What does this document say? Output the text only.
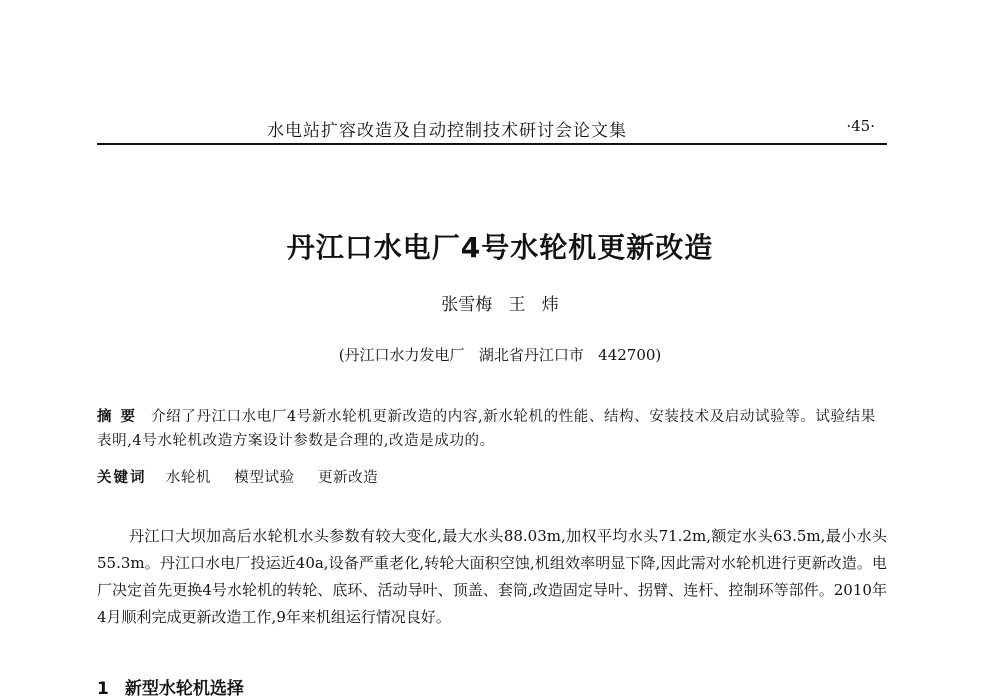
水电站扩容改造及自动控制技术研讨会论文集	·45·
丹江口水电厂4号水轮机更新改造
张雪梅   王   炜
(丹江口水力发电厂   湖北省丹江口市   442700)
摘 要 介绍了丹江口水电厂4号新水轮机更新改造的内容,新水轮机的性能、结构、安装技术及启动试验等。试验结果表明,4号水轮机改造方案设计参数是合理的,改造是成功的。
关键词 水轮机 模型试验 更新改造

丹江口大坝加高后水轮机水头参数有较大变化,最大水头88.03m,加权平均水头71.2m,额定水头63.5m,最小水头55.3m。丹江口水电厂投运近40a,设备严重老化,转轮大面积空蚀,机组效率明显下降,因此需对水轮机进行更新改造。电厂决定首先更换4号水轮机的转轮、底环、活动导叶、顶盖、套筒,改造固定导叶、拐臂、连杆、控制环等部件。2010年4月顺利完成更新改造工作,9年来机组运行情况良好。

1 新型水轮机选择
